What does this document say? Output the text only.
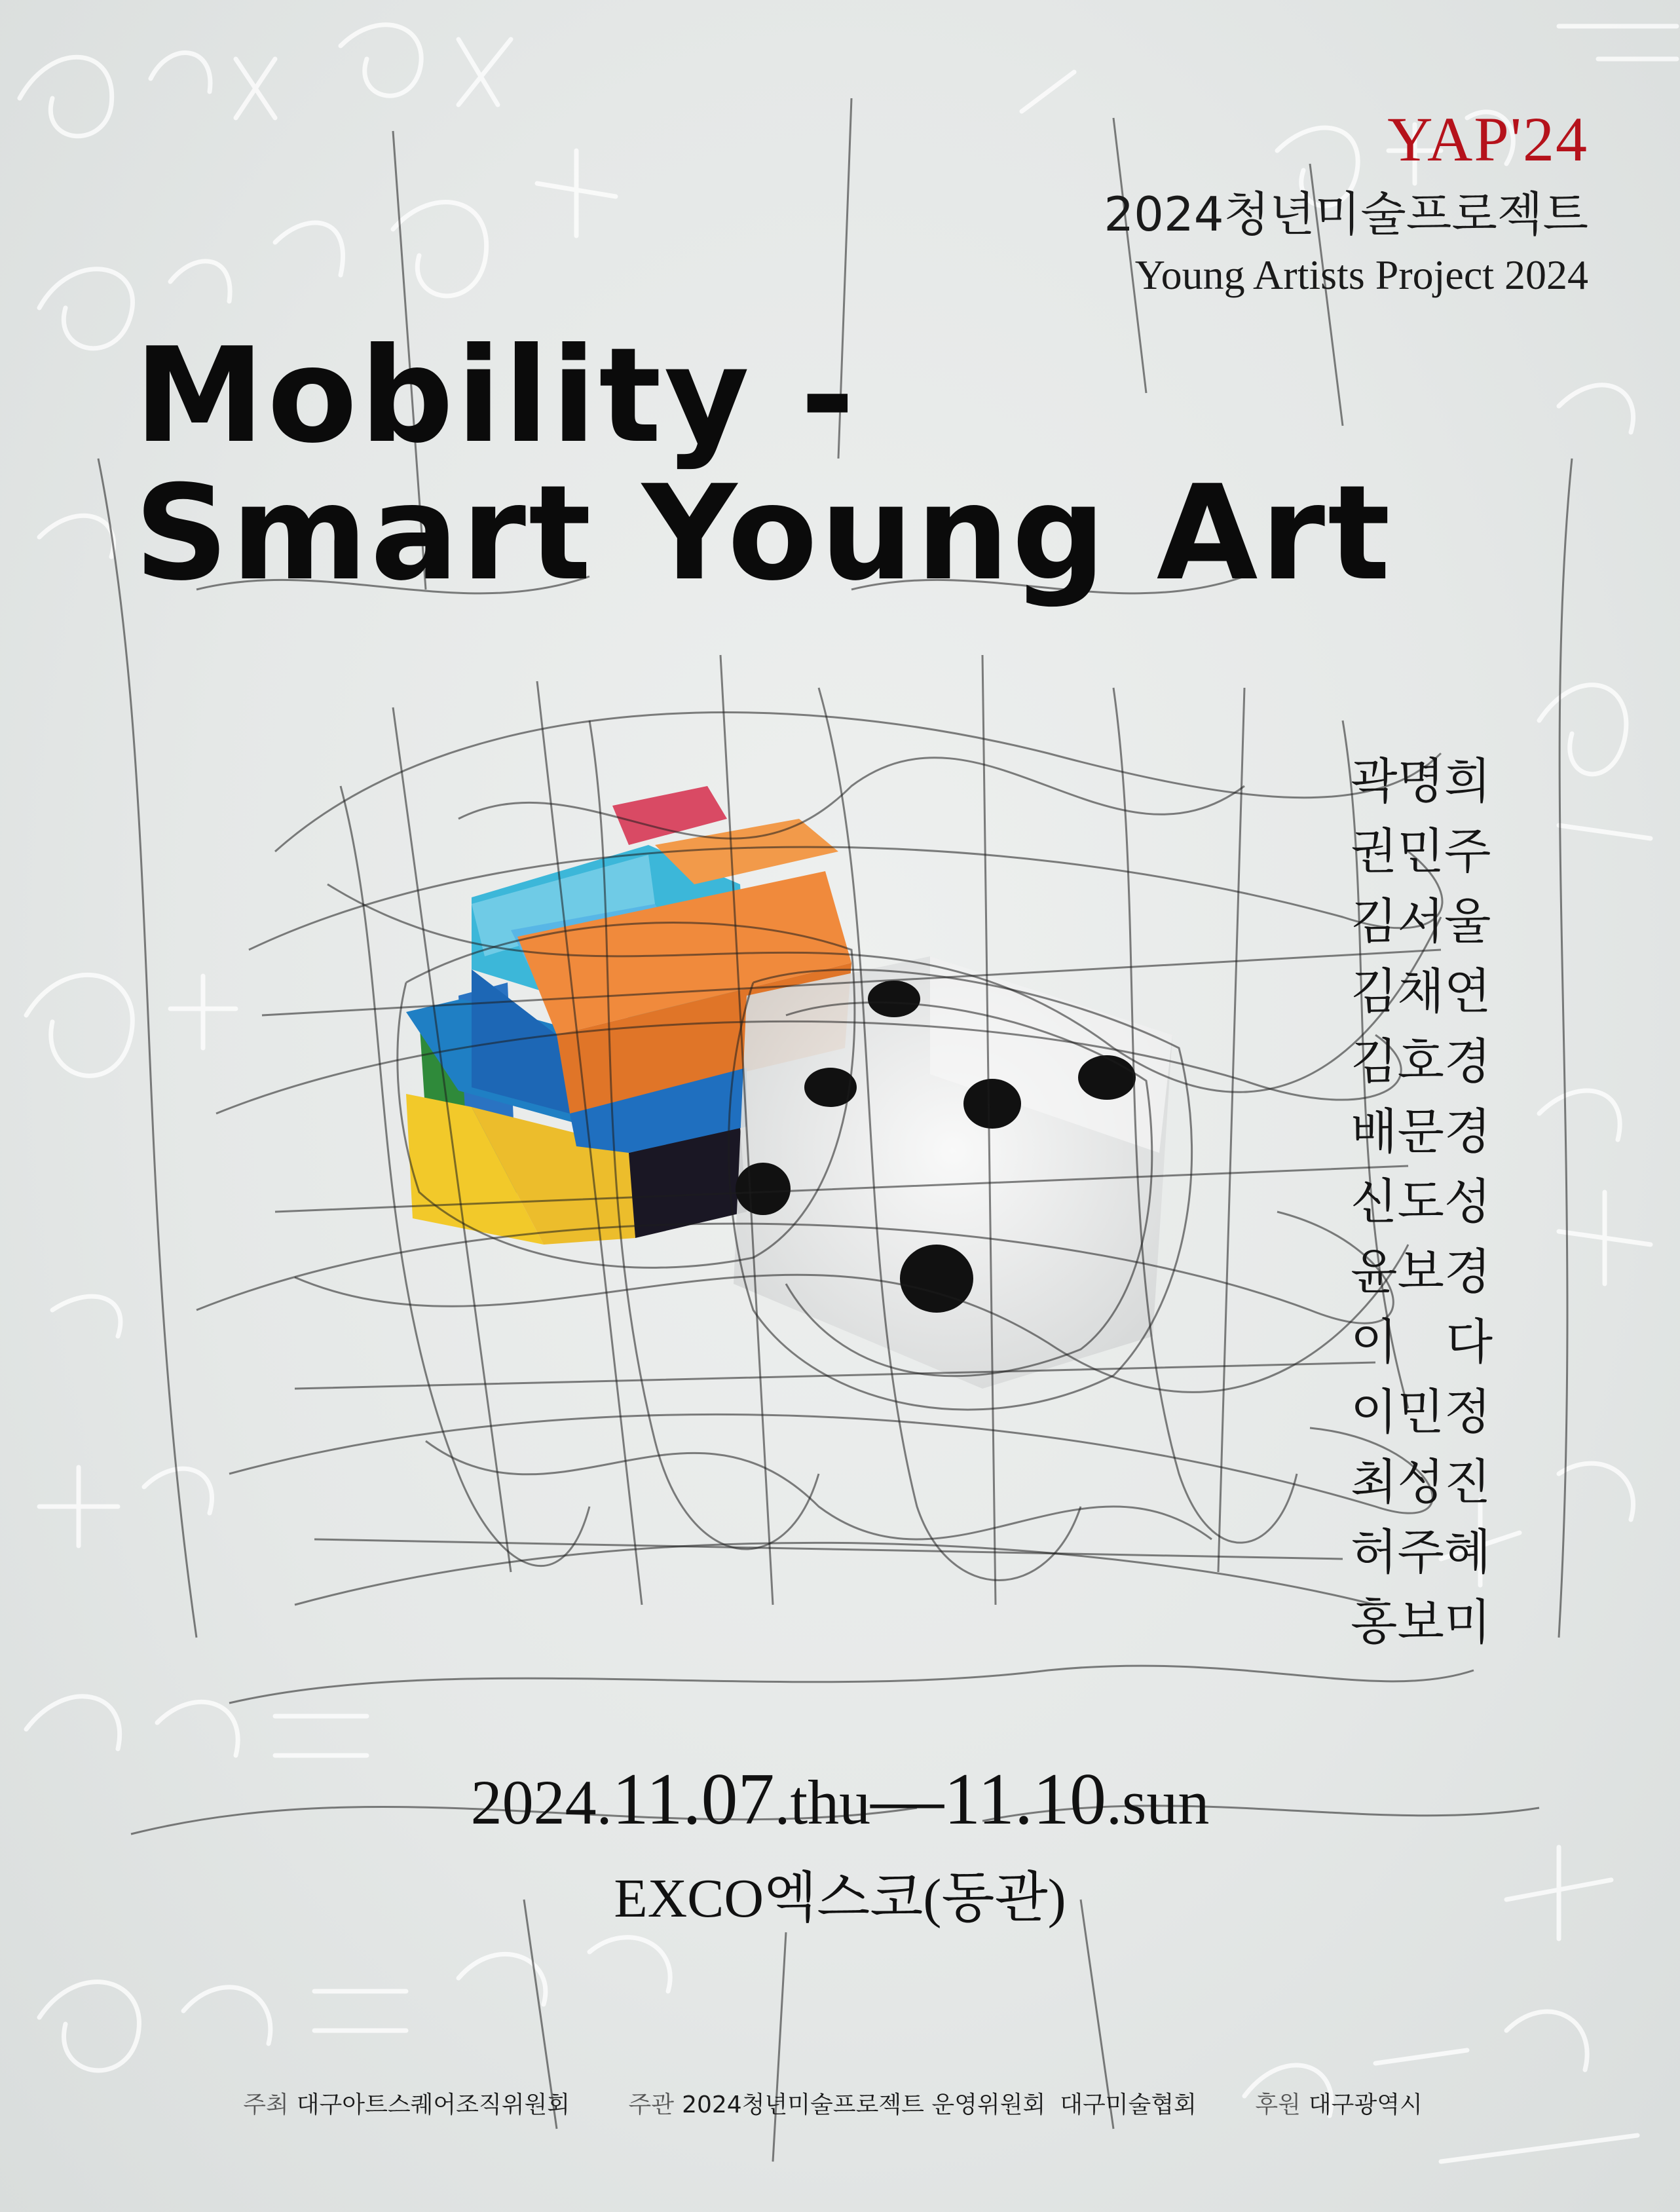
YAP'24
2024청년미술프로젝트
Young Artists Project 2024
Mobility -
Smart Young Art
곽명희
권민주
김서울
김채연
김호경
배문경
신도성
윤보경
이　다
이민정
최성진
허주혜
홍보미
2024.11.07.thu—11.10.sun
EXCO엑스코(동관)
주최 대구아트스퀘어조직위원회 주관 2024청년미술프로젝트 운영위원회 대구미술협회 후원 대구광역시
